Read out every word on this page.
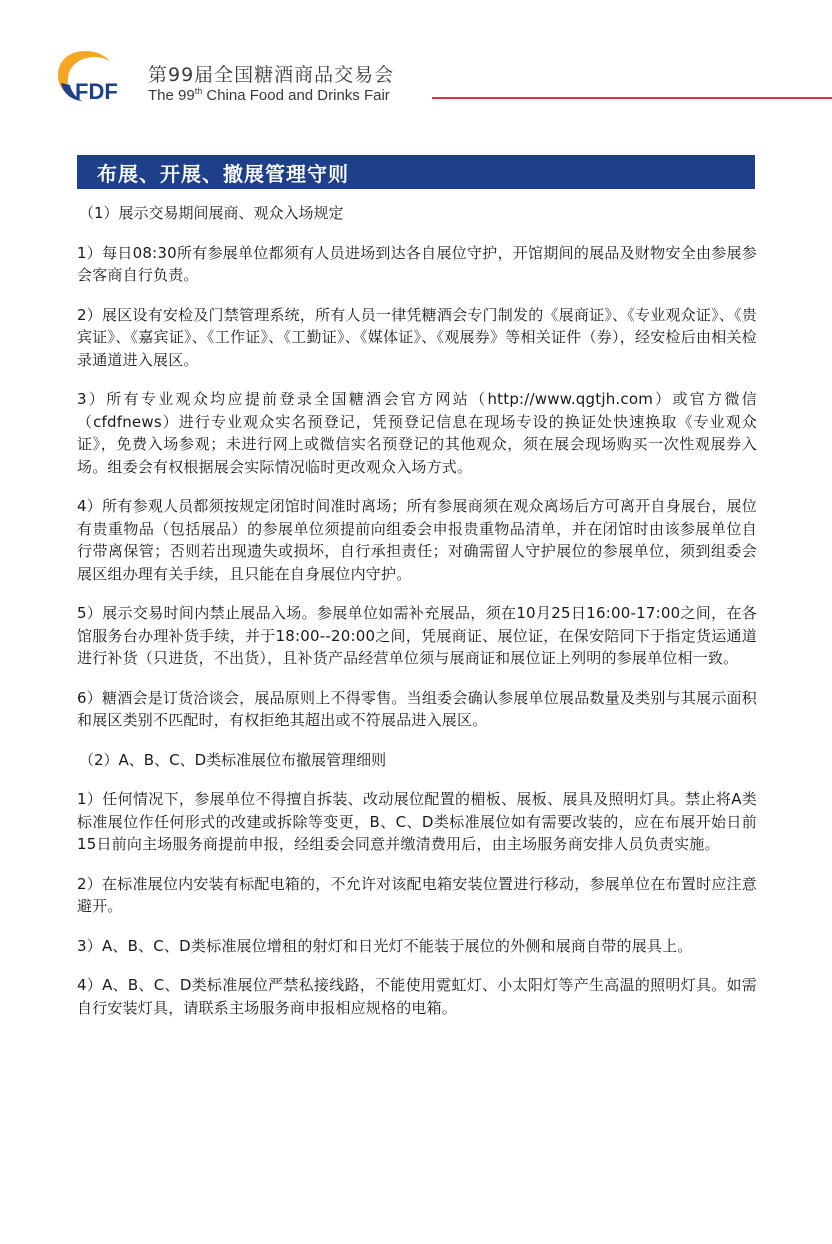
FDF
第99届全国糖酒商品交易会
The 99th China Food and Drinks Fair
布展、开展、撤展管理守则

（1）展示交易期间展商、观众入场规定

1）每日08:30所有参展单位都须有人员进场到达各自展位守护，开馆期间的展品及财物安全由参展参会客商自行负责。

2）展区设有安检及门禁管理系统，所有人员一律凭糖酒会专门制发的《展商证》、《专业观众证》、《贵宾证》、《嘉宾证》、《工作证》、《工勤证》、《媒体证》、《观展券》等相关证件（券），经安检后由相关检录通道进入展区。

3）所有专业观众均应提前登录全国糖酒会官方网站（http://www.qgtjh.com）或官方微信（cfdfnews）进行专业观众实名预登记，凭预登记信息在现场专设的换证处快速换取《专业观众证》，免费入场参观；未进行网上或微信实名预登记的其他观众，须在展会现场购买一次性观展券入场。组委会有权根据展会实际情况临时更改观众入场方式。

4）所有参观人员都须按规定闭馆时间准时离场；所有参展商须在观众离场后方可离开自身展台，展位有贵重物品（包括展品）的参展单位须提前向组委会申报贵重物品清单，并在闭馆时由该参展单位自行带离保管；否则若出现遗失或损坏，自行承担责任；对确需留人守护展位的参展单位，须到组委会展区组办理有关手续，且只能在自身展位内守护。

5）展示交易时间内禁止展品入场。参展单位如需补充展品，须在10月25日16:00-17:00之间，在各馆服务台办理补货手续，并于18:00--20:00之间，凭展商证、展位证，在保安陪同下于指定货运通道进行补货（只进货，不出货），且补货产品经营单位须与展商证和展位证上列明的参展单位相一致。

6）糖酒会是订货洽谈会，展品原则上不得零售。当组委会确认参展单位展品数量及类别与其展示面积和展区类别不匹配时，有权拒绝其超出或不符展品进入展区。

（2）A、B、C、D类标准展位布撤展管理细则

1）任何情况下，参展单位不得擅自拆装、改动展位配置的楣板、展板、展具及照明灯具。禁止将A类标准展位作任何形式的改建或拆除等变更，B、C、D类标准展位如有需要改装的，应在布展开始日前15日前向主场服务商提前申报，经组委会同意并缴清费用后，由主场服务商安排人员负责实施。

2）在标准展位内安装有标配电箱的，不允许对该配电箱安装位置进行移动，参展单位在布置时应注意避开。

3）A、B、C、D类标准展位增租的射灯和日光灯不能装于展位的外侧和展商自带的展具上。

4）A、B、C、D类标准展位严禁私接线路，不能使用霓虹灯、小太阳灯等产生高温的照明灯具。如需自行安装灯具，请联系主场服务商申报相应规格的电箱。
